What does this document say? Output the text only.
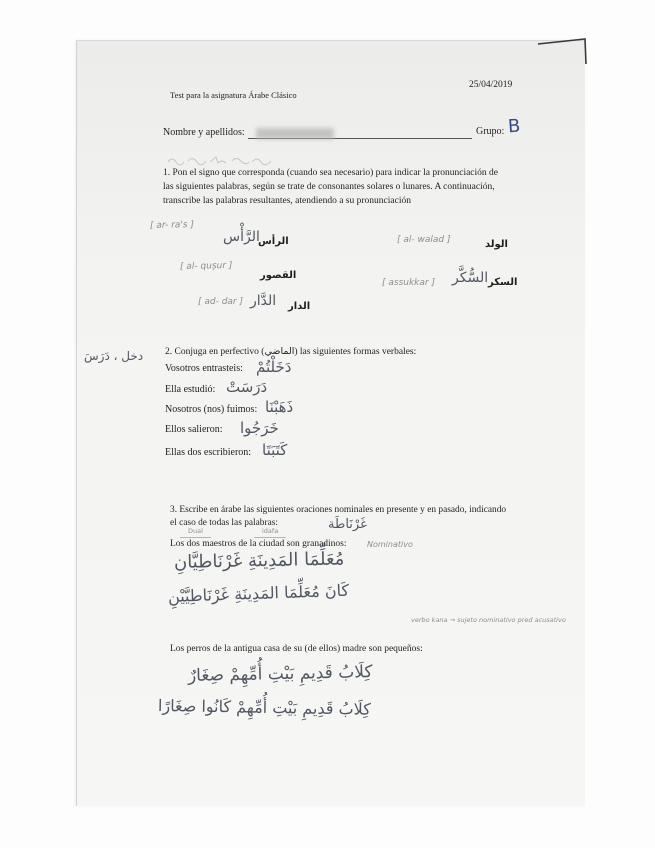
Test para la asignatura Árabe Clásico
25/04/2019
Nombre y apellidos:	Grupo: B
1. Pon el signo que corresponda (cuando sea necesario) para indicar la pronunciación de
las siguientes palabras, según se trate de consonantes solares o lunares. A continuación,
transcribe las palabras resultantes, atendiendo a su pronunciación
[ ar- ra's ]
الرَّأْس
الرأس	[ al- walad ]	الولد
[ al- quṣur ]
القصور
[ assukkar ] السُّكَّر السكر
[ ad- dar ] الدَّار الدار
دخل ، دَرَسَ 2. Conjuga en perfectivo (الماضي) las siguientes formas verbales:
Vosotros entrasteis: دَخَلْتُمْ
Ella estudió: دَرَسَتْ
Nosotros (nos) fuimos: ذَهَبْنَا
Ellos salieron: خَرَجُوا
Ellas dos escribieron: كَتَبَتَا
3. Escribe en árabe las siguientes oraciones nominales en presente y en pasado, indicando
غَرْنَاطَة
el caso de todas las palabras:
Dual	idafa
Los dos maestros de la ciudad son granadinos:	Nominativo
مُعَلِّمَا المَدِينَةِ غَرْنَاطِيَّانِ
كَانَ مُعَلِّمَا المَدِينَةِ غَرْنَاطِيَّيْنِ
verbo kana → sujeto nominativo pred acusativo
Los perros de la antigua casa de su (de ellos) madre son pequeños:
كِلَابُ قَدِيمِ بَيْتِ أُمِّهِمْ صِغَارٌ
كِلَابُ قَدِيمِ بَيْتِ أُمِّهِمْ كَانُوا صِغَارًا
